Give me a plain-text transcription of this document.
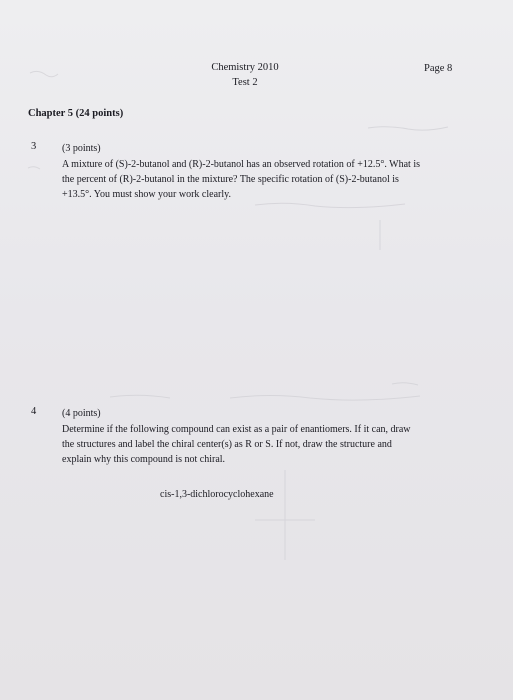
Chemistry 2010
Test 2
Page 8
Chapter 5 (24 points)
3	(3 points)
A mixture of (S)-2-butanol and (R)-2-butanol has an observed rotation of +12.5°. What is
the percent of (R)-2-butanol in the mixture? The specific rotation of (S)-2-butanol is
+13.5°. You must show your work clearly.
4	(4 points)
Determine if the following compound can exist as a pair of enantiomers. If it can, draw
the structures and label the chiral center(s) as R or S. If not, draw the structure and
explain why this compound is not chiral.
cis-1,3-dichlorocyclohexane
